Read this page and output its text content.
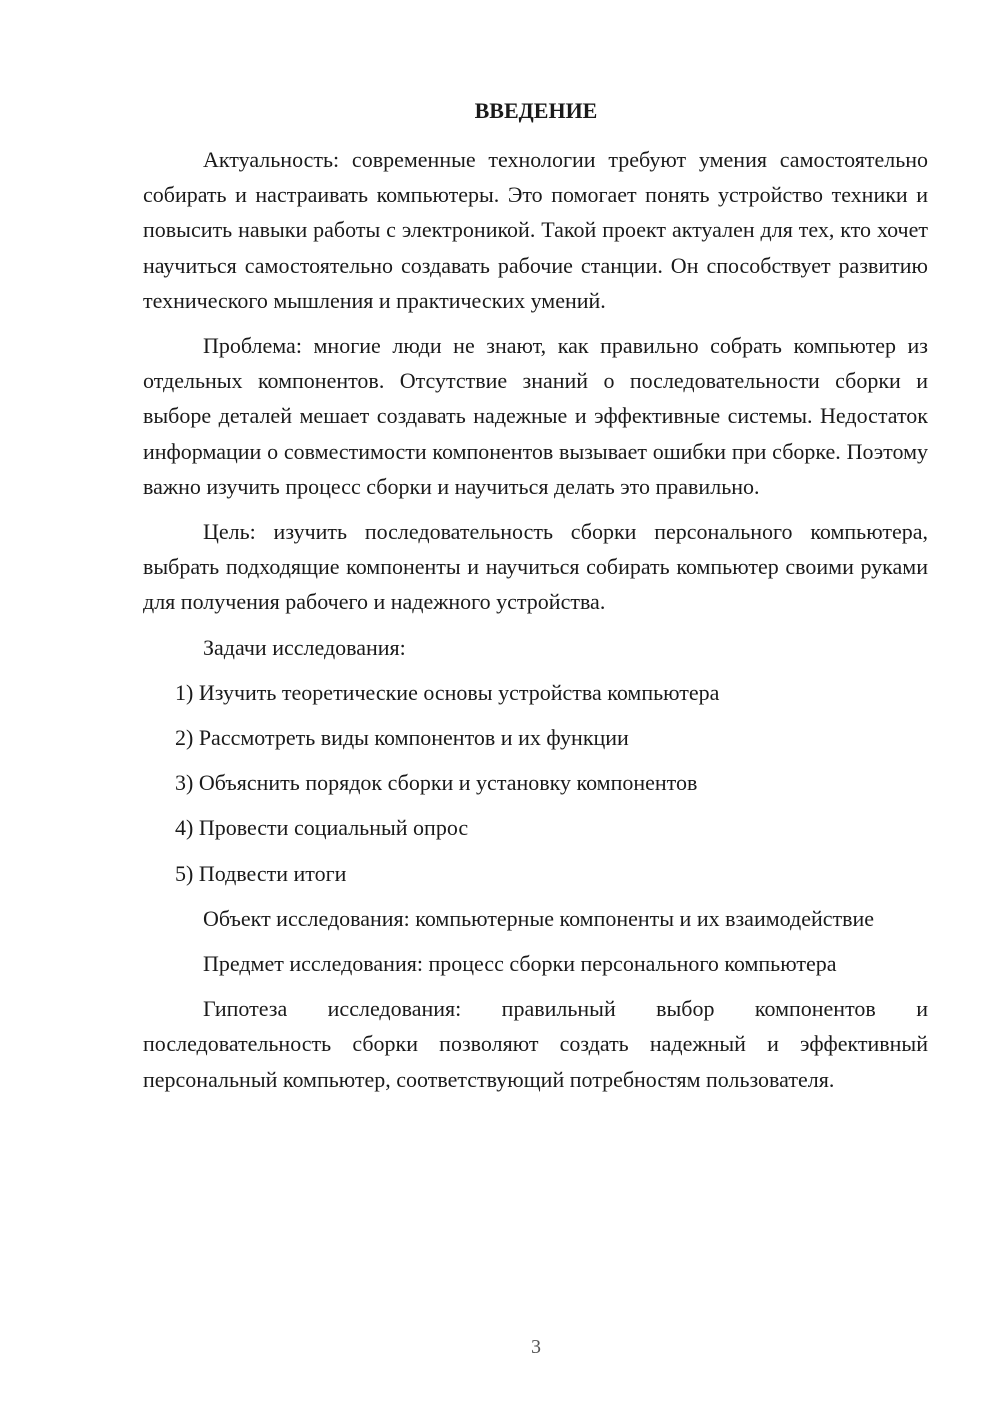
ВВЕДЕНИЕ

Актуальность: современные технологии требуют умения самостоятельно собирать и настраивать компьютеры. Это помогает понять устройство техники и повысить навыки работы с электроникой. Такой проект актуален для тех, кто хочет научиться самостоятельно создавать рабочие станции. Он способствует развитию технического мышления и практических умений.

Проблема: многие люди не знают, как правильно собрать компьютер из отдельных компонентов. Отсутствие знаний о последовательности сборки и выборе деталей мешает создавать надежные и эффективные системы. Недостаток информации о совместимости компонентов вызывает ошибки при сборке. Поэтому важно изучить процесс сборки и научиться делать это правильно.

Цель: изучить последовательность сборки персонального компьютера, выбрать подходящие компоненты и научиться собирать компьютер своими руками для получения рабочего и надежного устройства.

Задачи исследования:

1) Изучить теоретические основы устройства компьютера
2) Рассмотреть виды компонентов и их функции
3) Объяснить порядок сборки и установку компонентов
4) Провести социальный опрос
5) Подвести итоги

Объект исследования: компьютерные компоненты и их взаимодействие

Предмет исследования: процесс сборки персонального компьютера

Гипотеза исследования: правильный выбор компонентов и последовательность сборки позволяют создать надежный и эффективный персональный компьютер, соответствующий потребностям пользователя.

3
